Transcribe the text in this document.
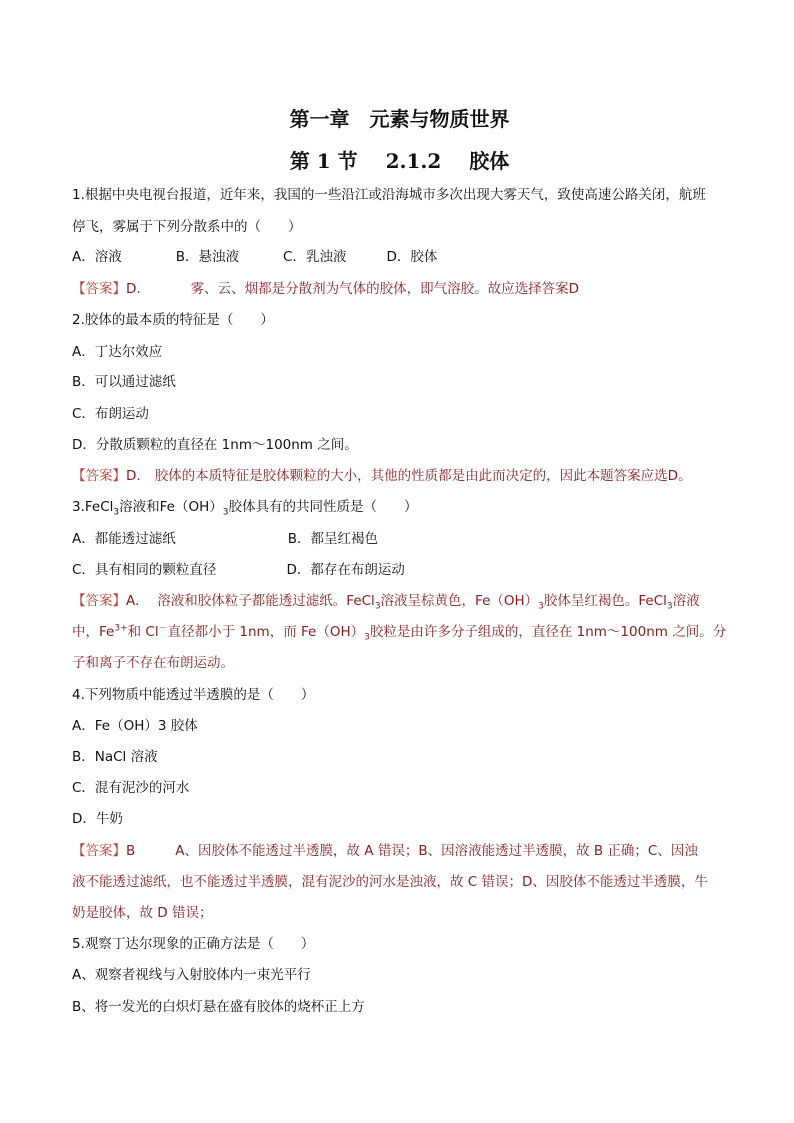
第一章　元素与物质世界
第 1 节 2.1.2 胶体
1.根据中央电视台报道，近年来，我国的一些沿江或沿海城市多次出现大雾天气，致使高速公路关闭，航班
停飞，雾属于下列分散系中的（　　）
A．溶液	B．悬浊液	C．乳浊液	D．胶体
【答案】D.	雾、云、烟都是分散剂为气体的胶体，即气溶胶。故应选择答案D
2.胶体的最本质的特征是（　　）
A．丁达尔效应
B．可以通过滤纸
C．布朗运动
D．分散质颗粒的直径在 1nm～100nm 之间。
【答案】D. 胶体的本质特征是胶体颗粒的大小，其他的性质都是由此而决定的，因此本题答案应选D。
3.FeCl$_3$溶液和$Fe(OH)_3$胶体具有的共同性质是（　　）
A．都能透过滤纸	B．都呈红褐色
C．具有相同的颗粒直径	D．都存在布朗运动
【答案】A. 溶液和胶体粒子都能透过滤纸。FeCl$_3$溶液呈棕黄色，$Fe(OH)_3$胶体呈红褐色。FeCl$_3$溶液
中，$Fe^{3+}$和 Cl－直径都小于 1nm，而 $Fe(OH)_3$胶粒是由许多分子组成的，直径在 1nm～100nm 之间。分
子和离子不存在布朗运动。
4.下列物质中能透过半透膜的是（　　）
A．Fe（OH）3 胶体
B．NaCl 溶液
C．混有泥沙的河水
D．牛奶
【答案】B	A、因胶体不能透过半透膜，故 A 错误；B、因溶液能透过半透膜，故 B 正确；C、因浊
液不能透过滤纸，也不能透过半透膜，混有泥沙的河水是浊液，故 C 错误；D、因胶体不能透过半透膜，牛
奶是胶体，故 D 错误；
5.观察丁达尔现象的正确方法是（　　）
A、观察者视线与入射胶体内一束光平行
B、将一发光的白炽灯悬在盛有胶体的烧杯正上方
